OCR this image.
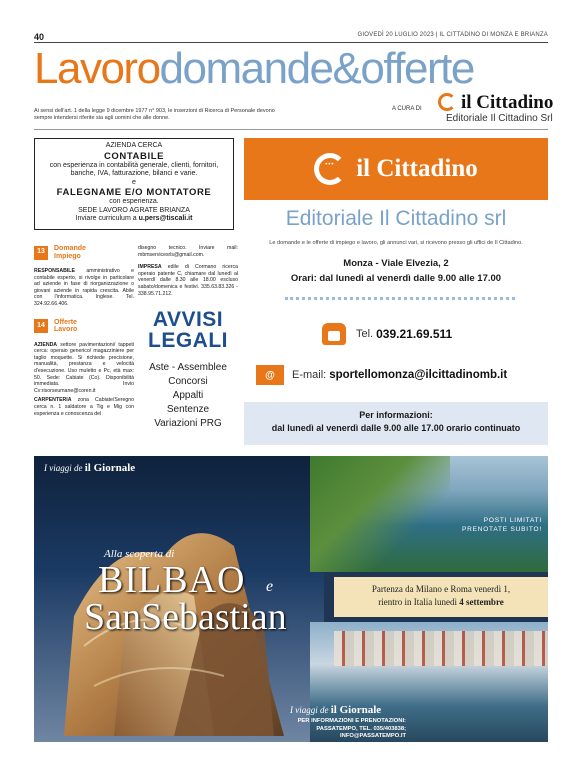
40	GIOVEDÌ 20 LUGLIO 2023 | IL CITTADINO DI MONZA E BRIANZA
Lavorodomande&offerte
Ai sensi dell'art. 1 della legge 9 dicembre 1977 n° 903, le inserzioni di Ricerca di Personale devono sempre intendersi riferite sia agli uomini che alle donne.
A CURA DI	il Cittadino
Editoriale Il Cittadino Srl
AZIENDA CERCA
CONTABILE
con esperienza in contabilità generale, clienti, fornitori,
banche, IVA, fatturazione, bilanci e varie.
e
FALEGNAME E/O MONTATORE
con esperienza.
SEDE LAVORO AGRATE BRIANZA
Inviare curriculum a u.pers@tiscali.it
13	Domande
Impiego
RESPONSABILE amministrativo e contabile esperto, si rivolge in particolare ad aziende in fase di riorganizzazione o giovani aziende in rapida crescita. Abile con l'informatica. Inglese. Tel. 324.92.66.406.
14	Offerte
Lavoro
AZIENDA settore pavimentazioni/ tappeti cerca: operaio generico/ magazziniere per taglio moquette. Si richiede precisione, manualità, prestanza e velocità d'esecuzione. Uso muletto e Pc, età max: 50. Sede: Cabiate (Co). Disponibilità immediata. Invio Cv:risorseumane@coren.it
CARPENTERIA zona Cabiate/Seregno cerca n. 1 saldatore a Tig e Mig con esperienza e conoscenza del
disegno tecnico. Inviare mail: mbmservicesrls@gmail.com.
IMPRESA edile di Cormano ricerca operaio patente C, chiamare dal lunedì al venerdì dalle 8.30 alle 18.00 escluso sabato/domenica e festivi. 335.63.83.326 - 338.95.71.212.
AVVISI
LEGALI
Aste - Assemblee
Concorsi
Appalti
Sentenze
Variazioni PRG
•••
il Cittadino
Editoriale Il Cittadino srl
Le domande e le offerte di impiego e lavoro, gli annunci vari, si ricevono presso gli uffici de Il Cittadino.
Monza - Viale Elvezia, 2
Orari: dal lunedì al venerdì dalle 9.00 alle 17.00
Tel. 039.21.69.511
@	E-mail: sportellomonza@ilcittadinomb.it
Per informazioni:
dal lunedì al venerdì dalle 9.00 alle 17.00 orario continuato
POSTI LIMITATI
PRENOTATE SUBITO!
Partenza da Milano e Roma venerdì 1,
rientro in Italia lunedì 4 settembre
I viaggi de il Giornale
Alla scoperta di
BILBAO e
SanSebastian
I viaggi de il Giornale
PER INFORMAZIONI E PRENOTAZIONI:
PASSATEMPO, TEL. 035/403838; INFO@PASSATEMPO.IT
